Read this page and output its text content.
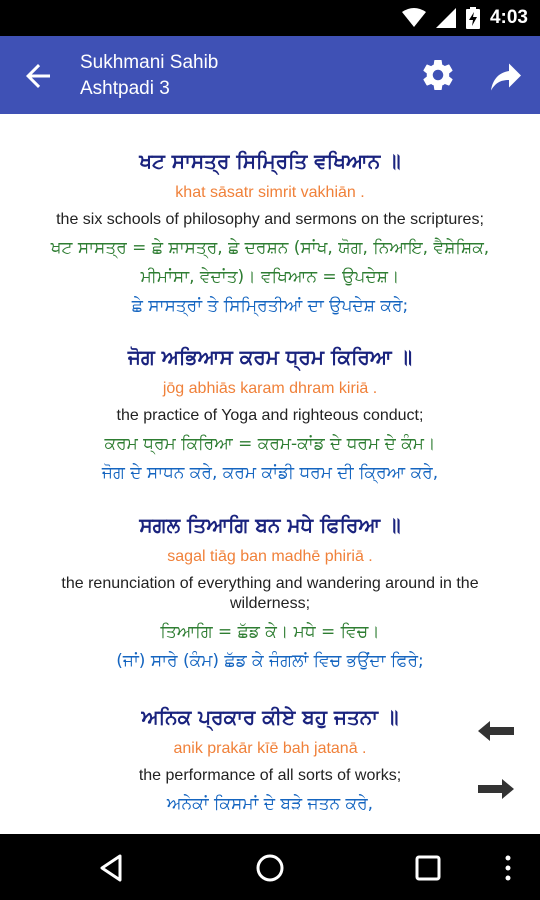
4:03
Sukhmani Sahib
Ashtpadi 3
ਖਟ ਸਾਸਤ੍ਰ ਸਿਮ੍ਰਿਤਿ ਵਖਿਆਨ ॥
khat sāsatr simrit vakhiān .
the six schools of philosophy and sermons on the scriptures;
ਖਟ ਸਾਸਤ੍ਰ = ਛੇ ਸ਼ਾਸਤ੍ਰ, ਛੇ ਦਰਸ਼ਨ (ਸਾਂਖ, ਯੋਗ, ਨਿਆਇ, ਵੈਸ਼ੇਸ਼ਿਕ, ਮੀਮਾਂਸਾ, ਵੇਦਾਂਤ)। ਵਖਿਆਨ = ਉਪਦੇਸ਼।
ਛੇ ਸਾਸਤ੍ਰਾਂ ਤੇ ਸਿਮ੍ਰਿਤੀਆਂ ਦਾ ਉਪਦੇਸ਼ ਕਰੇ;
ਜੋਗ ਅਭਿਆਸ ਕਰਮ ਧ੍ਰਮ ਕਿਰਿਆ ॥
jōg abhiās karam dhram kiriā .
the practice of Yoga and righteous conduct;
ਕਰਮ ਧ੍ਰਮ ਕਿਰਿਆ = ਕਰਮ-ਕਾਂਡ ਦੇ ਧਰਮ ਦੇ ਕੰਮ।
ਜੋਗ ਦੇ ਸਾਧਨ ਕਰੇ, ਕਰਮ ਕਾਂਡੀ ਧਰਮ ਦੀ ਕ੍ਰਿਆ ਕਰੇ,
ਸਗਲ ਤਿਆਗਿ ਬਨ ਮਧੇ ਫਿਰਿਆ ॥
sagal tiāg ban madhē phiriā .
the renunciation of everything and wandering around in the wilderness;
ਤਿਆਗਿ = ਛੱਡ ਕੇ। ਮਧੇ = ਵਿਚ।
(ਜਾਂ) ਸਾਰੇ (ਕੰਮ) ਛੱਡ ਕੇ ਜੰਗਲਾਂ ਵਿਚ ਭਉਂਦਾ ਫਿਰੇ;
ਅਨਿਕ ਪ੍ਰਕਾਰ ਕੀਏ ਬਹੁ ਜਤਨਾ ॥
anik prakār kīē bah jatanā .
the performance of all sorts of works;
ਅਨੇਕਾਂ ਕਿਸਮਾਂ ਦੇ ਬੜੇ ਜਤਨ ਕਰੇ,
